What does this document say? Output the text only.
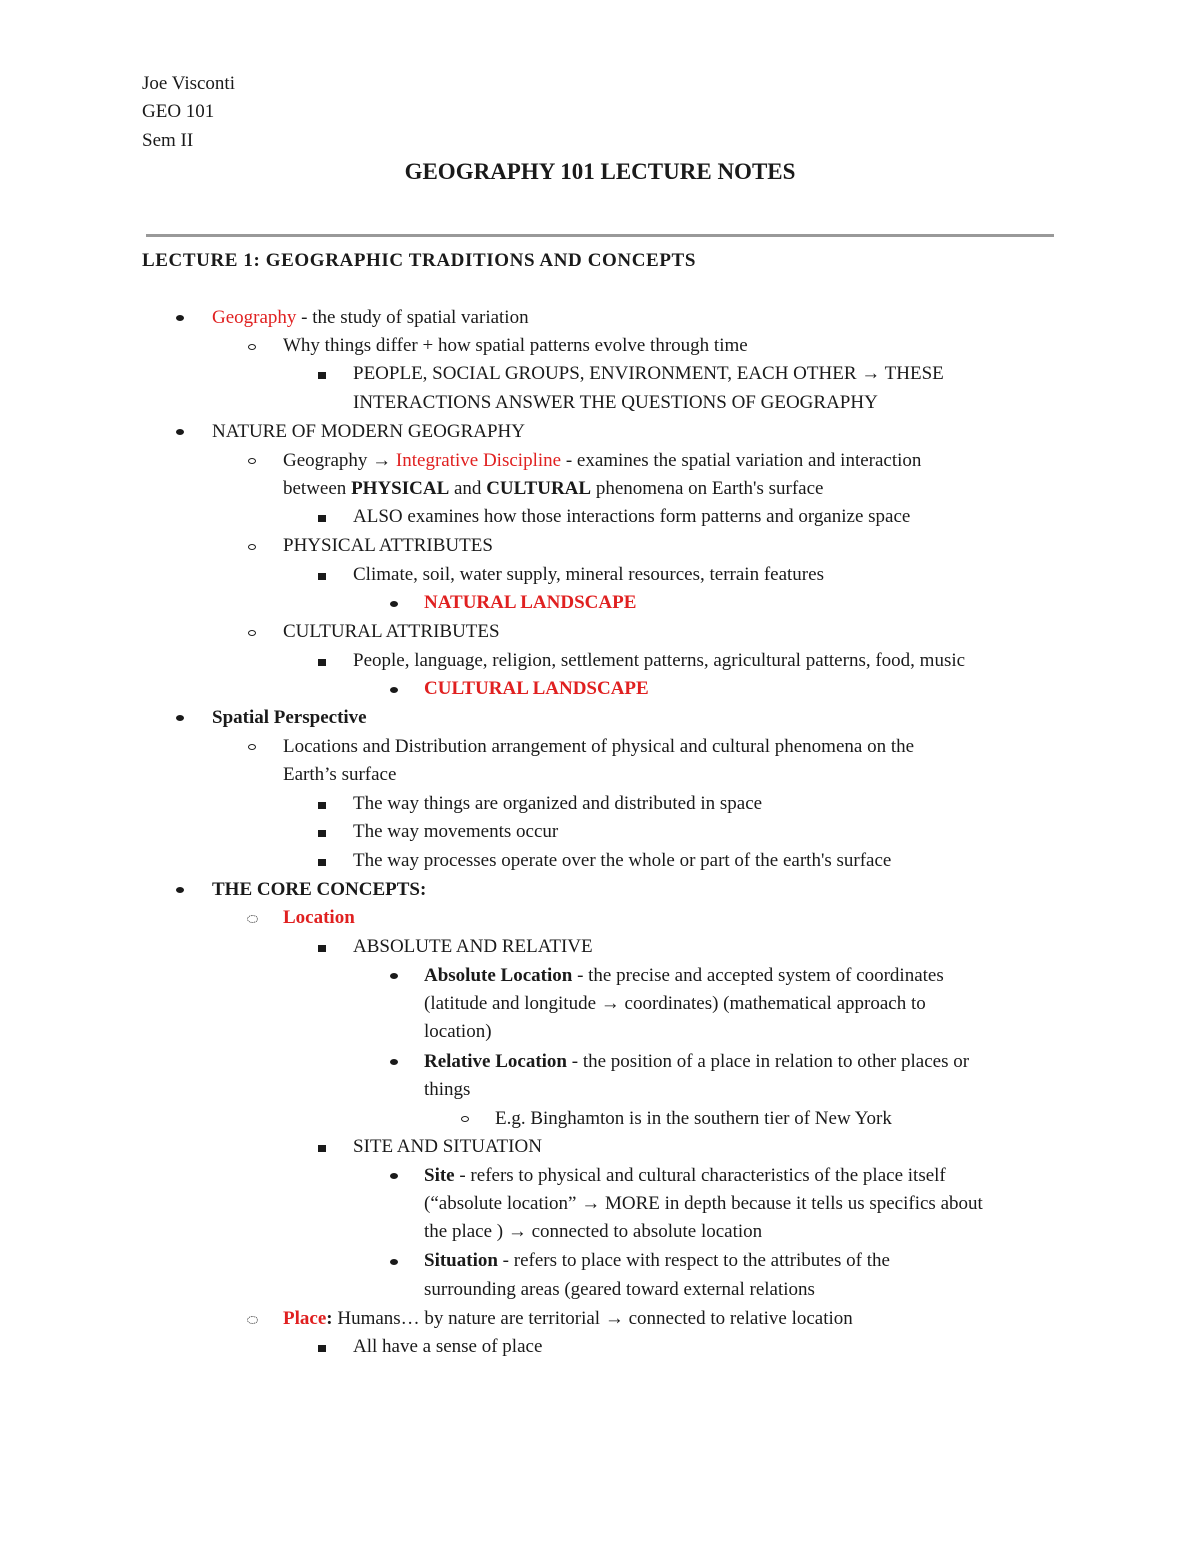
Joe Visconti
GEO 101
Sem II
GEOGRAPHY 101 LECTURE NOTES
LECTURE 1: GEOGRAPHIC TRADITIONS AND CONCEPTS
Geography - the study of spatial variation
Why things differ + how spatial patterns evolve through time
PEOPLE, SOCIAL GROUPS, ENVIRONMENT, EACH OTHER → THESE
INTERACTIONS ANSWER THE QUESTIONS OF GEOGRAPHY
NATURE OF MODERN GEOGRAPHY
Geography → Integrative Discipline - examines the spatial variation and interaction
between PHYSICAL and CULTURAL phenomena on Earth's surface
ALSO examines how those interactions form patterns and organize space
PHYSICAL ATTRIBUTES
Climate, soil, water supply, mineral resources, terrain features
NATURAL LANDSCAPE
CULTURAL ATTRIBUTES
People, language, religion, settlement patterns, agricultural patterns, food, music
CULTURAL LANDSCAPE
Spatial Perspective
Locations and Distribution arrangement of physical and cultural phenomena on the
Earth’s surface
The way things are organized and distributed in space
The way movements occur
The way processes operate over the whole or part of the earth's surface
THE CORE CONCEPTS:
Location
ABSOLUTE AND RELATIVE
Absolute Location - the precise and accepted system of coordinates
(latitude and longitude → coordinates) (mathematical approach to
location)
Relative Location - the position of a place in relation to other places or
things
E.g. Binghamton is in the southern tier of New York
SITE AND SITUATION
Site - refers to physical and cultural characteristics of the place itself
(“absolute location” → MORE in depth because it tells us specifics about
the place ) → connected to absolute location
Situation - refers to place with respect to the attributes of the
surrounding areas (geared toward external relations
Place: Humans… by nature are territorial → connected to relative location
All have a sense of place
